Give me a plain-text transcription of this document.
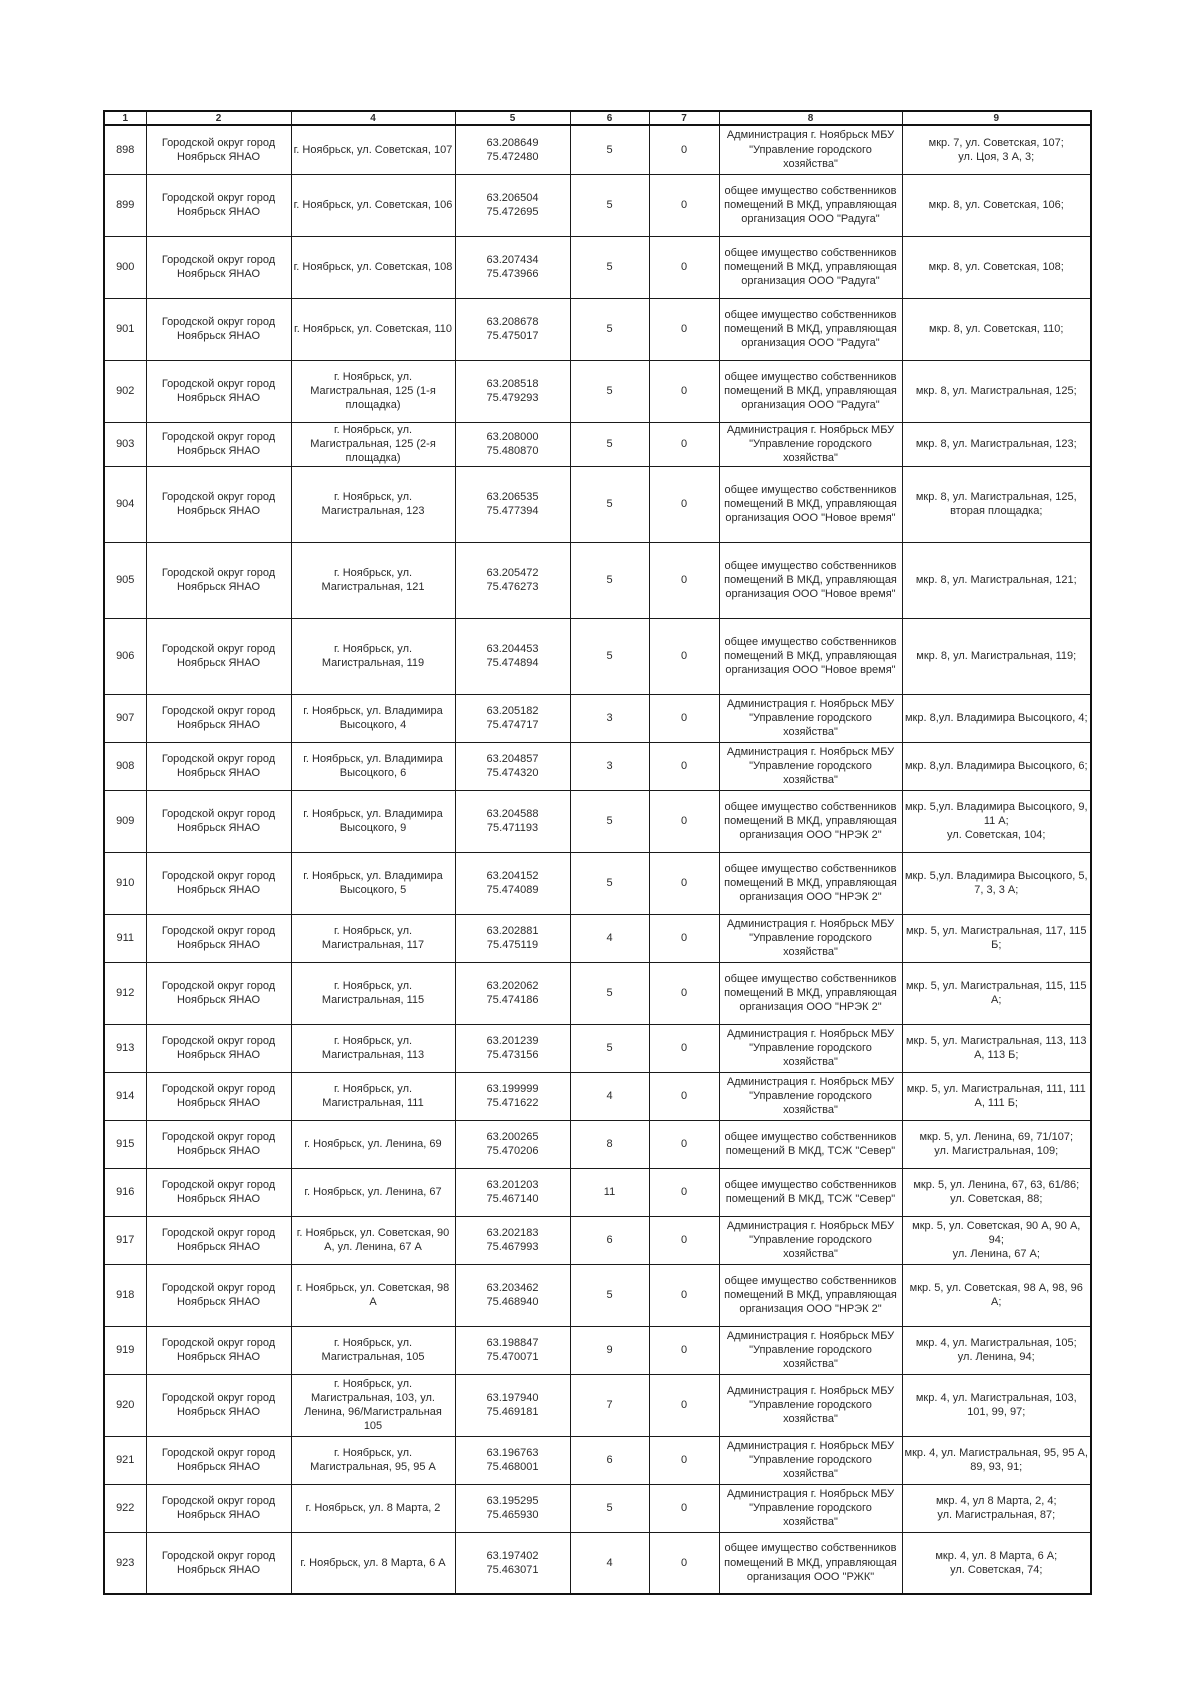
1	2	4	5	6	7	8	9
898	Городской округ город Ноябрьск ЯНАО	г. Ноябрьск, ул. Советская, 107	63.208649
75.472480	5	0	Администрация г. Ноябрьск МБУ "Управление городского хозяйства"	мкр. 7, ул. Советская, 107;
ул. Цоя, 3 А, 3;
899	Городской округ город Ноябрьск ЯНАО	г. Ноябрьск, ул. Советская, 106	63.206504
75.472695	5	0	общее имущество собственников помещений В МКД, управляющая организация ООО "Радуга"	мкр. 8, ул. Советская, 106;
900	Городской округ город Ноябрьск ЯНАО	г. Ноябрьск, ул. Советская, 108	63.207434
75.473966	5	0	общее имущество собственников помещений В МКД, управляющая организация ООО "Радуга"	мкр. 8, ул. Советская, 108;
901	Городской округ город Ноябрьск ЯНАО	г. Ноябрьск, ул. Советская, 110	63.208678
75.475017	5	0	общее имущество собственников помещений В МКД, управляющая организация ООО "Радуга"	мкр. 8, ул. Советская, 110;
902	Городской округ город Ноябрьск ЯНАО	г. Ноябрьск, ул. Магистральная, 125 (1-я площадка)	63.208518
75.479293	5	0	общее имущество собственников помещений В МКД, управляющая организация ООО "Радуга"	мкр. 8, ул. Магистральная, 125;
903	Городской округ город Ноябрьск ЯНАО	г. Ноябрьск, ул. Магистральная, 125 (2-я площадка)	63.208000
75.480870	5	0	Администрация г. Ноябрьск МБУ "Управление городского хозяйства"	мкр. 8, ул. Магистральная, 123;
904	Городской округ город Ноябрьск ЯНАО	г. Ноябрьск, ул. Магистральная, 123	63.206535
75.477394	5	0	общее имущество собственников помещений В МКД, управляющая организация ООО "Новое время"	мкр. 8, ул. Магистральная, 125, вторая площадка;
905	Городской округ город Ноябрьск ЯНАО	г. Ноябрьск, ул. Магистральная, 121	63.205472
75.476273	5	0	общее имущество собственников помещений В МКД, управляющая организация ООО "Новое время"	мкр. 8, ул. Магистральная, 121;
906	Городской округ город Ноябрьск ЯНАО	г. Ноябрьск, ул. Магистральная, 119	63.204453
75.474894	5	0	общее имущество собственников помещений В МКД, управляющая организация ООО "Новое время"	мкр. 8, ул. Магистральная, 119;
907	Городской округ город Ноябрьск ЯНАО	г. Ноябрьск, ул. Владимира Высоцкого, 4	63.205182
75.474717	3	0	Администрация г. Ноябрьск МБУ "Управление городского хозяйства"	мкр. 8,ул. Владимира Высоцкого, 4;
908	Городской округ город Ноябрьск ЯНАО	г. Ноябрьск, ул. Владимира Высоцкого, 6	63.204857
75.474320	3	0	Администрация г. Ноябрьск МБУ "Управление городского хозяйства"	мкр. 8,ул. Владимира Высоцкого, 6;
909	Городской округ город Ноябрьск ЯНАО	г. Ноябрьск, ул. Владимира Высоцкого, 9	63.204588
75.471193	5	0	общее имущество собственников помещений В МКД, управляющая организация ООО "НРЭК 2"	мкр. 5,ул. Владимира Высоцкого, 9, 11 А;
ул. Советская, 104;
910	Городской округ город Ноябрьск ЯНАО	г. Ноябрьск, ул. Владимира Высоцкого, 5	63.204152
75.474089	5	0	общее имущество собственников помещений В МКД, управляющая организация ООО "НРЭК 2"	мкр. 5,ул. Владимира Высоцкого, 5, 7, 3, 3 А;
911	Городской округ город Ноябрьск ЯНАО	г. Ноябрьск, ул. Магистральная, 117	63.202881
75.475119	4	0	Администрация г. Ноябрьск МБУ "Управление городского хозяйства"	мкр. 5, ул. Магистральная, 117, 115 Б;
912	Городской округ город Ноябрьск ЯНАО	г. Ноябрьск, ул. Магистральная, 115	63.202062
75.474186	5	0	общее имущество собственников помещений В МКД, управляющая организация ООО "НРЭК 2"	мкр. 5, ул. Магистральная, 115, 115 А;
913	Городской округ город Ноябрьск ЯНАО	г. Ноябрьск, ул. Магистральная, 113	63.201239
75.473156	5	0	Администрация г. Ноябрьск МБУ "Управление городского хозяйства"	мкр. 5, ул. Магистральная, 113, 113 А, 113 Б;
914	Городской округ город Ноябрьск ЯНАО	г. Ноябрьск, ул. Магистральная, 111	63.199999
75.471622	4	0	Администрация г. Ноябрьск МБУ "Управление городского хозяйства"	мкр. 5, ул. Магистральная, 111, 111 А, 111 Б;
915	Городской округ город Ноябрьск ЯНАО	г. Ноябрьск, ул. Ленина, 69	63.200265
75.470206	8	0	общее имущество собственников помещений В МКД, ТСЖ "Север"	мкр. 5, ул. Ленина, 69, 71/107;
ул. Магистральная, 109;
916	Городской округ город Ноябрьск ЯНАО	г. Ноябрьск, ул. Ленина, 67	63.201203
75.467140	11	0	общее имущество собственников помещений В МКД, ТСЖ "Север"	мкр. 5, ул. Ленина, 67, 63, 61/86;
ул. Советская, 88;
917	Городской округ город Ноябрьск ЯНАО	г. Ноябрьск, ул. Советская, 90 А, ул. Ленина, 67 А	63.202183
75.467993	6	0	Администрация г. Ноябрьск МБУ "Управление городского хозяйства"	мкр. 5, ул. Советская, 90 А, 90 А, 94;
ул. Ленина, 67 А;
918	Городской округ город Ноябрьск ЯНАО	г. Ноябрьск, ул. Советская, 98 А	63.203462
75.468940	5	0	общее имущество собственников помещений В МКД, управляющая организация ООО "НРЭК 2"	мкр. 5, ул. Советская, 98 А, 98, 96 А;
919	Городской округ город Ноябрьск ЯНАО	г. Ноябрьск, ул. Магистральная, 105	63.198847
75.470071	9	0	Администрация г. Ноябрьск МБУ "Управление городского хозяйства"	мкр. 4, ул. Магистральная, 105;
ул. Ленина, 94;
920	Городской округ город Ноябрьск ЯНАО	г. Ноябрьск, ул. Магистральная, 103, ул. Ленина, 96/Магистральная 105	63.197940
75.469181	7	0	Администрация г. Ноябрьск МБУ "Управление городского хозяйства"	мкр. 4, ул. Магистральная, 103, 101, 99, 97;
921	Городской округ город Ноябрьск ЯНАО	г. Ноябрьск, ул. Магистральная, 95, 95 А	63.196763
75.468001	6	0	Администрация г. Ноябрьск МБУ "Управление городского хозяйства"	мкр. 4, ул. Магистральная, 95, 95 А, 89, 93, 91;
922	Городской округ город Ноябрьск ЯНАО	г. Ноябрьск, ул. 8 Марта, 2	63.195295
75.465930	5	0	Администрация г. Ноябрьск МБУ "Управление городского хозяйства"	мкр. 4, ул 8 Марта, 2, 4;
ул. Магистральная, 87;
923	Городской округ город Ноябрьск ЯНАО	г. Ноябрьск, ул. 8 Марта, 6 А	63.197402
75.463071	4	0	общее имущество собственников помещений В МКД, управляющая организация ООО "РЖК"	мкр. 4, ул. 8 Марта, 6 А;
ул. Советская, 74;
